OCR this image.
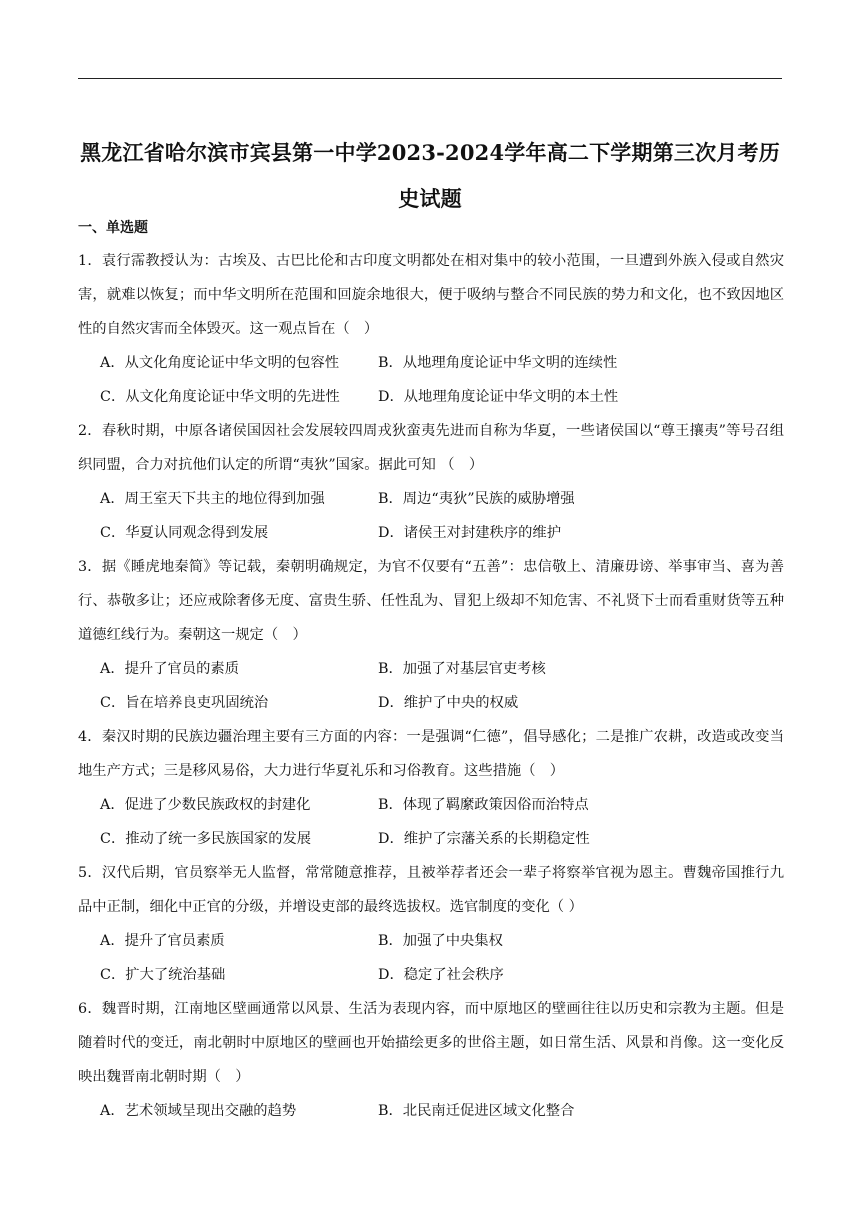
黑龙江省哈尔滨市宾县第一中学2023-2024学年高二下学期第三次月考历史试题
一、单选题

1．袁行霈教授认为：古埃及、古巴比伦和古印度文明都处在相对集中的较小范围，一旦遭到外族入侵或自然灾害，就难以恢复；而中华文明所在范围和回旋余地很大，便于吸纳与整合不同民族的势力和文化，也不致因地区性的自然灾害而全体毁灭。这一观点旨在（　）

A．从文化角度论证中华文明的包容性	B．从地理角度论证中华文明的连续性
C．从文化角度论证中华文明的先进性	D．从地理角度论证中华文明的本土性

2．春秋时期，中原各诸侯国因社会发展较四周戎狄蛮夷先进而自称为华夏，一些诸侯国以“尊王攘夷”等号召组织同盟，合力对抗他们认定的所谓“夷狄”国家。据此可知 （　）

A．周王室天下共主的地位得到加强	B．周边“夷狄”民族的威胁增强
C．华夏认同观念得到发展	D．诸侯王对封建秩序的维护

3．据《睡虎地秦简》等记载，秦朝明确规定，为官不仅要有“五善”：忠信敬上、清廉毋谤、举事审当、喜为善行、恭敬多让；还应戒除奢侈无度、富贵生骄、任性乱为、冒犯上级却不知危害、不礼贤下士而看重财货等五种道德红线行为。秦朝这一规定（　）

A．提升了官员的素质	B．加强了对基层官吏考核
C．旨在培养良吏巩固统治	D．维护了中央的权威

4．秦汉时期的民族边疆治理主要有三方面的内容：一是强调“仁德”，倡导感化；二是推广农耕，改造或改变当地生产方式；三是移风易俗，大力进行华夏礼乐和习俗教育。这些措施（　）

A．促进了少数民族政权的封建化	B．体现了羁縻政策因俗而治特点
C．推动了统一多民族国家的发展	D．维护了宗藩关系的长期稳定性

5．汉代后期，官员察举无人监督，常常随意推荐，且被举荐者还会一辈子将察举官视为恩主。曹魏帝国推行九品中正制，细化中正官的分级，并增设吏部的最终选拔权。选官制度的变化（ ）

A．提升了官员素质	B．加强了中央集权
C．扩大了统治基础	D．稳定了社会秩序

6．魏晋时期，江南地区壁画通常以风景、生活为表现内容，而中原地区的壁画往往以历史和宗教为主题。但是随着时代的变迁，南北朝时中原地区的壁画也开始描绘更多的世俗主题，如日常生活、风景和肖像。这一变化反映出魏晋南北朝时期（　）

A．艺术领域呈现出交融的趋势	B．北民南迁促进区域文化整合
